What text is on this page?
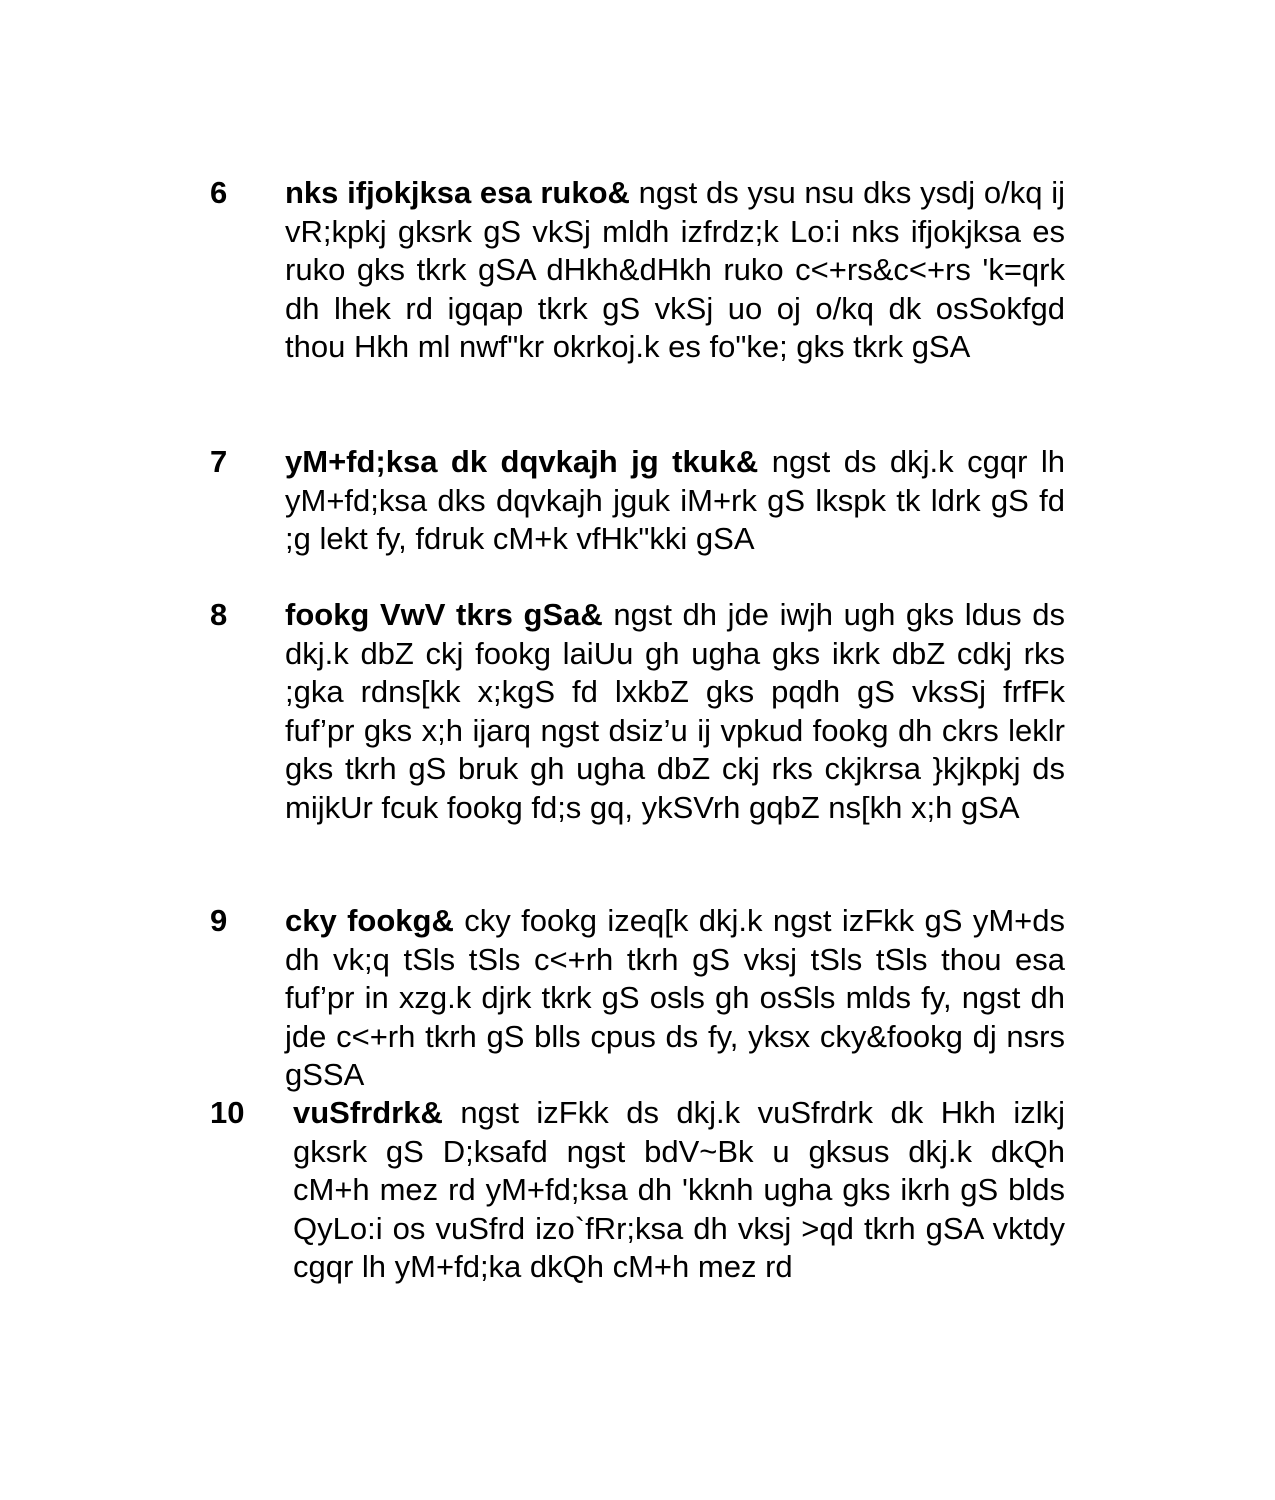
6 nks ifjokjksa esa ruko& ngst ds ysu nsu dks ysdj o/kq ij vR;kpkj gksrk gS vkSj mldh izfrdz;k Lo:i nks ifjokjksa es ruko gks tkrk gSA dHkh&dHkh ruko c<+rs&c<+rs 'k=qrk dh lhek rd igqap tkrk gS vkSj uo oj o/kq dk osSokfgd thou Hkh ml nwf"kr okrkoj.k es fo"ke; gks tkrk gSA
7 yM+fd;ksa dk dqvkajh jg tkuk& ngst ds dkj.k cgqr lh yM+fd;ksa dks dqvkajh jguk iM+rk gS lkspk tk ldrk gS fd ;g lekt fy, fdruk cM+k vfHk"kki gSA
8 fookg VwV tkrs gSa& ngst dh jde iwjh ugh gks ldus ds dkj.k dbZ ckj fookg laiUu gh ugha gks ikrk dbZ cdkj rks ;gka rdns[kk x;kgS fd lxkbZ gks pqdh gS vksSj frfFk fuf’pr gks x;h ijarq ngst dsiz’u ij vpkud fookg dh ckrs leklr gks tkrh gS bruk gh ugha dbZ ckj rks ckjkrsa }kjkpkj ds mijkUr fcuk fookg fd;s gq, ykSVrh gqbZ ns[kh x;h gSA
9 cky fookg& cky fookg izeq[k dkj.k ngst izFkk gS yM+ds dh vk;q tSls tSls c<+rh tkrh gS vksj tSls tSls thou esa fuf’pr in xzg.k djrk tkrk gS osls gh osSls mlds fy, ngst dh jde c<+rh tkrh gS blls cpus ds fy, yksx cky&fookg dj nsrs gSSA
10 vuSfrdrk& ngst izFkk ds dkj.k vuSfrdrk dk Hkh izlkj gksrk gS D;ksafd ngst bdV~Bk u gksus dkj.k dkQh cM+h mez rd yM+fd;ksa dh 'kknh ugha gks ikrh gS blds QyLo:i os vuSfrd izo`fRr;ksa dh vksj >qd tkrh gSA vktdy cgqr lh yM+fd;ka dkQh cM+h mez rd
